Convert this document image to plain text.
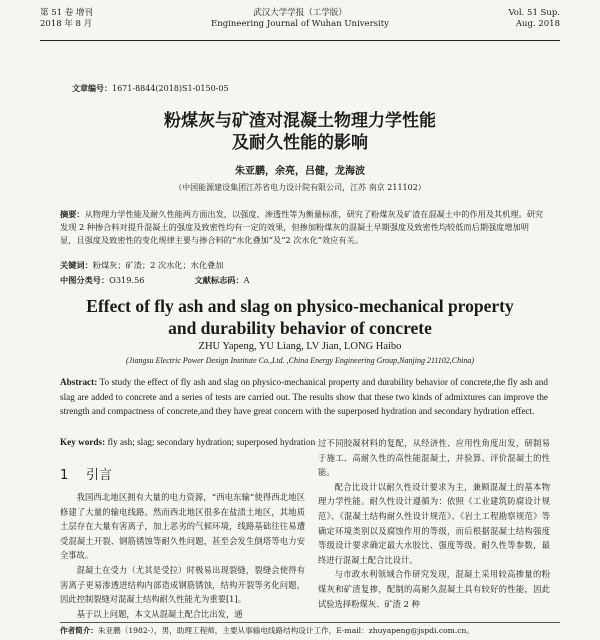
第 51 卷 增刊
2018 年 8 月
武汉大学学报（工学版）
Engineering Journal of Wuhan University
Vol. 51 Sup.
Aug. 2018
文章编号：1671-8844(2018)S1-0150-05
粉煤灰与矿渣对混凝土物理力学性能
及耐久性能的影响
朱亚鹏，余亮，吕健，龙海波
（中国能源建设集团江苏省电力设计院有限公司，江苏 南京 211102）
摘要：从物理力学性能及耐久性能两方面出发，以强度、渗透性等为衡量标准，研究了粉煤灰及矿渣在混凝土中的作用及其机理。研究发现 2 种掺合料对提升混凝土的强度及致密性均有一定的效果，但掺加粉煤灰的混凝土早期强度及致密性均较低而后期强度增加明显，且强度及致密性的变化规律主要与掺合料的“水化叠加”及“2 次水化”效应有关。
关键词：粉煤灰；矿渣；2 次水化；水化叠加
中图分类号：O319.56	文献标志码：A
Effect of fly ash and slag on physico-mechanical property
and durability behavior of concrete
ZHU Yapeng, YU Liang, LV Jian, LONG Haibo
(Jiangsu Electric Power Design Institute Co.,Ltd. ,China Energy Engineering Group,Nanjing 211102,China)
Abstract: To study the effect of fly ash and slag on physico-mechanical property and durability behavior of concrete,the fly ash and slag are added to concrete and a series of tests are carried out. The results show that these two kinds of admixtures can improve the strength and compactness of concrete,and they have great concern with the superposed hydration and secondary hydration effect.
Key words: fly ash; slag; secondary hydration; superposed hydration
1 引言

我国西北地区拥有大量的电力资源，“西电东输”使得西北地区修建了大量的输电线路。然而西北地区很多在盐渍土地区，其地质土层存在大量有害离子，加上恶劣的气候环境，线路基础往往易遭受混凝土开裂、钢筋锈蚀等耐久性问题，甚至会发生倒塔等电力安全事故。

混凝土在受力（尤其是受拉）时极易出现裂缝，裂缝会使得有害离子更易渗透进结构内部造成钢筋锈蚀，结构开裂等劣化问题，因此控制裂缝对混凝土结构耐久性能尤为重要[1]。

基于以上问题，本文从混凝土配合比出发，通

过不同胶凝材料的复配，从经济性、应用性角度出发，研制易于施工、高耐久性的高性能混凝土，并验算、评价混凝土的性能。

配合比设计以耐久性设计要求为主，兼顾混凝土的基本物理力学性能。耐久性设计遵循为：依照《工业建筑防腐设计规范》、《混凝土结构耐久性设计规范》、《岩土工程勘察规范》等确定环境类别以及腐蚀作用的等级，而后根据混凝土结构强度等级设计要求确定最大水胶比、强度等级、耐久性等参数，最终进行混凝土配合比设计。

与市政水利领域合作研究发现，混凝土采用较高掺量的粉煤灰和矿渣复掺，配制的高耐久混凝土具有较好的性能，因此试验选择粉煤灰、矿渣 2 种

作者简介：朱亚鹏（1982-），男，助理工程师，主要从事输电线路结构设计工作，E-mail：zhuyapeng@jspdi.com.cn。
